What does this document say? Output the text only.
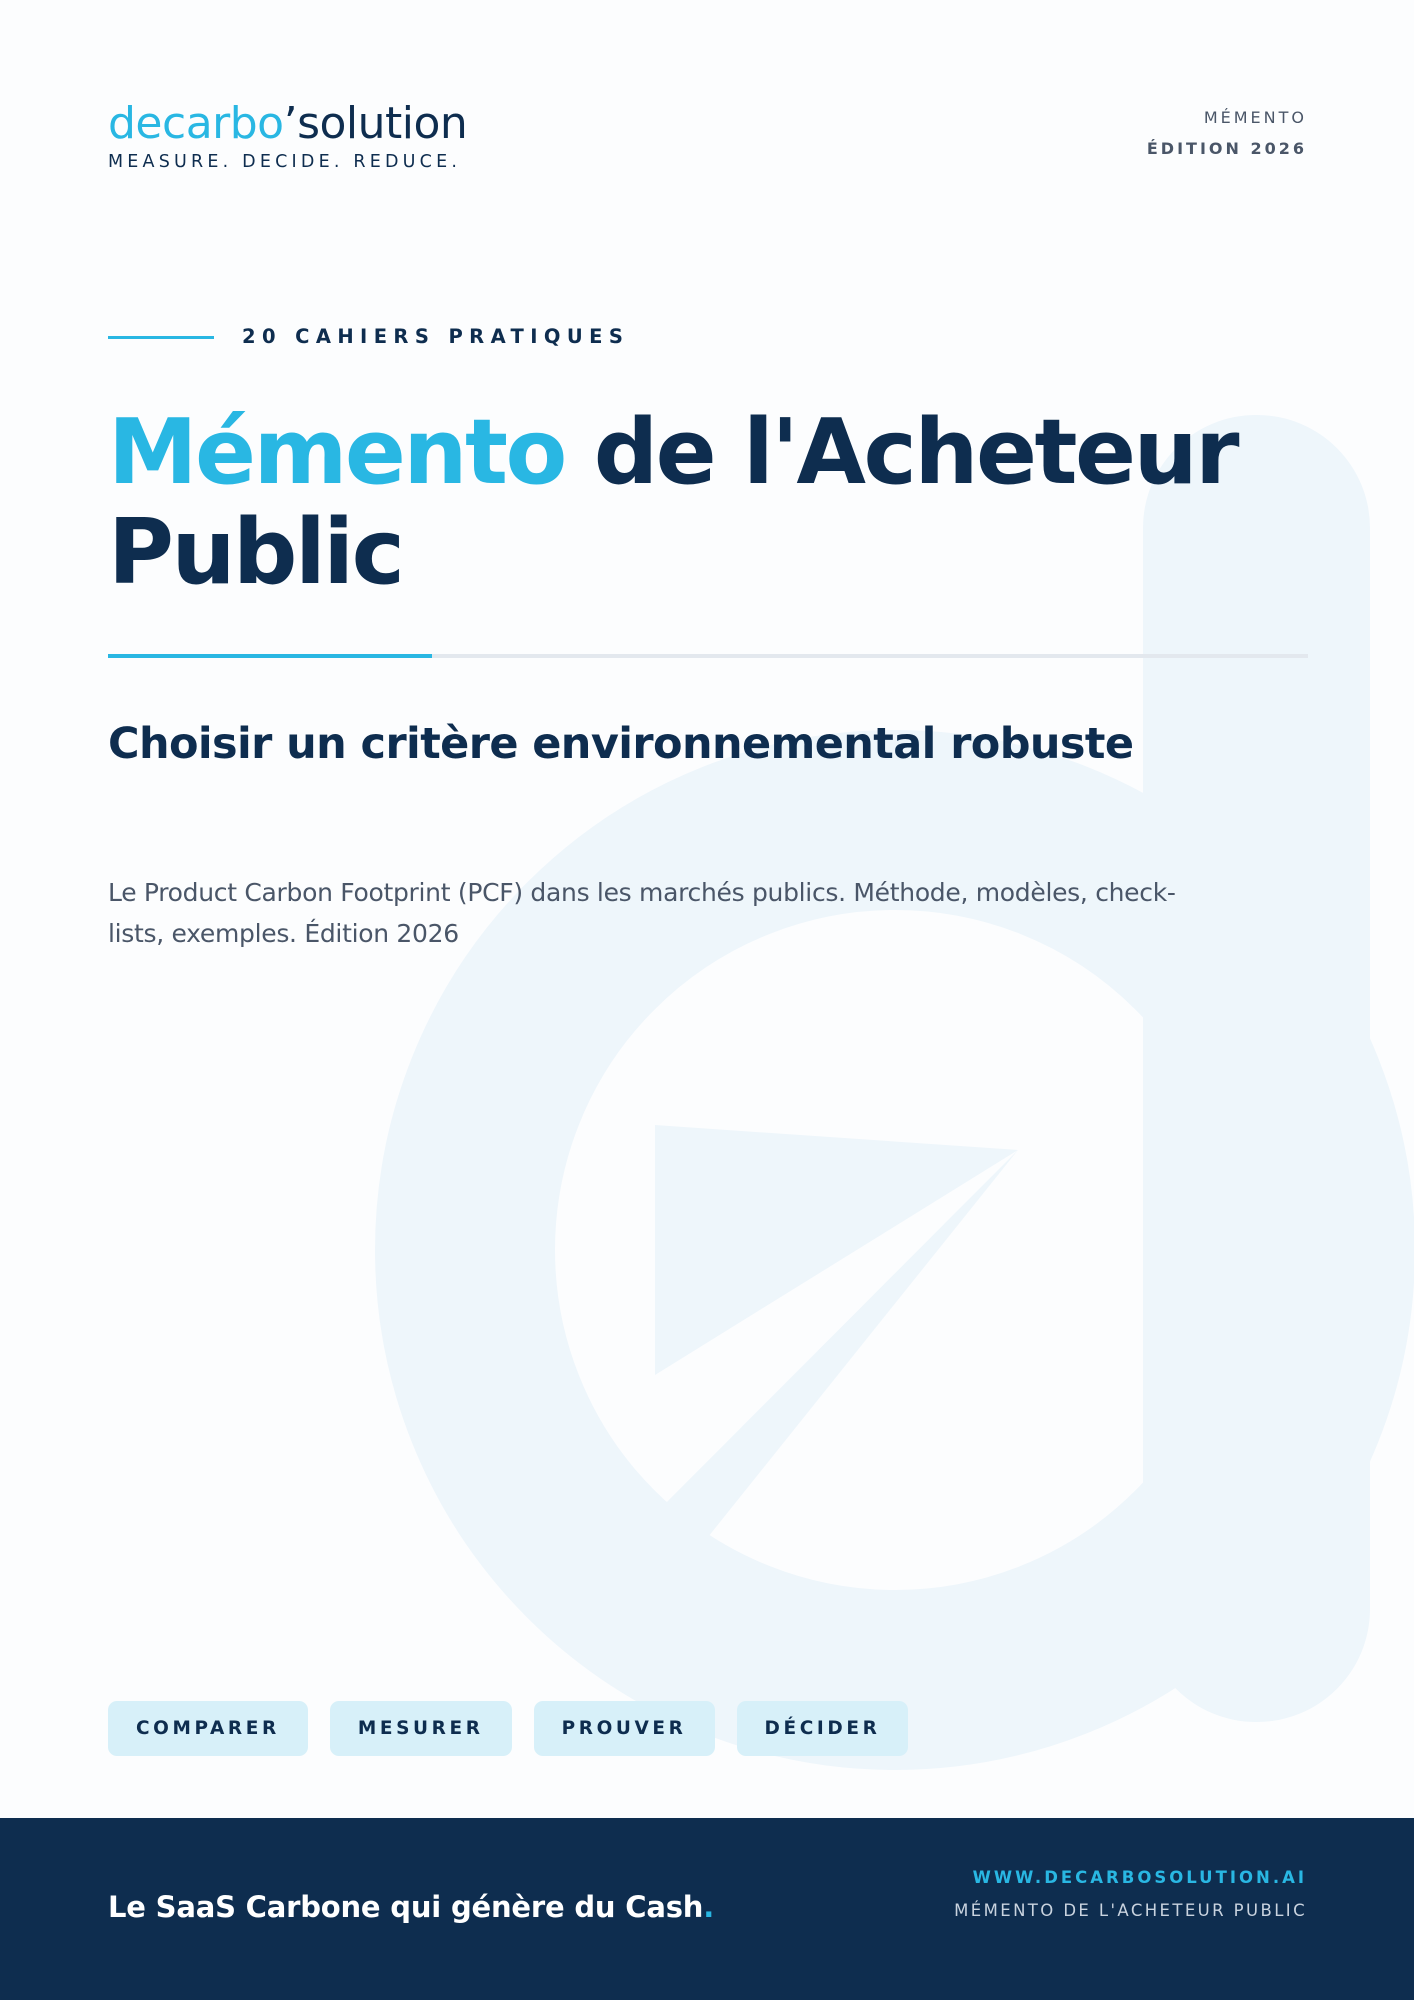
decarbo’solution
MEASURE. DECIDE. REDUCE.
MÉMENTO
ÉDITION 2026
20 CAHIERS PRATIQUES
Mémento de l'Acheteur
Public
Choisir un critère environnemental robuste

Le Product Carbon Footprint (PCF) dans les marchés publics. Méthode, modèles, check-lists, exemples. Édition 2026

COMPARER	MESURER	PROUVER	DÉCIDER
Le SaaS Carbone qui génère du Cash.
WWW.DECARBOSOLUTION.AI
MÉMENTO DE L'ACHETEUR PUBLIC
